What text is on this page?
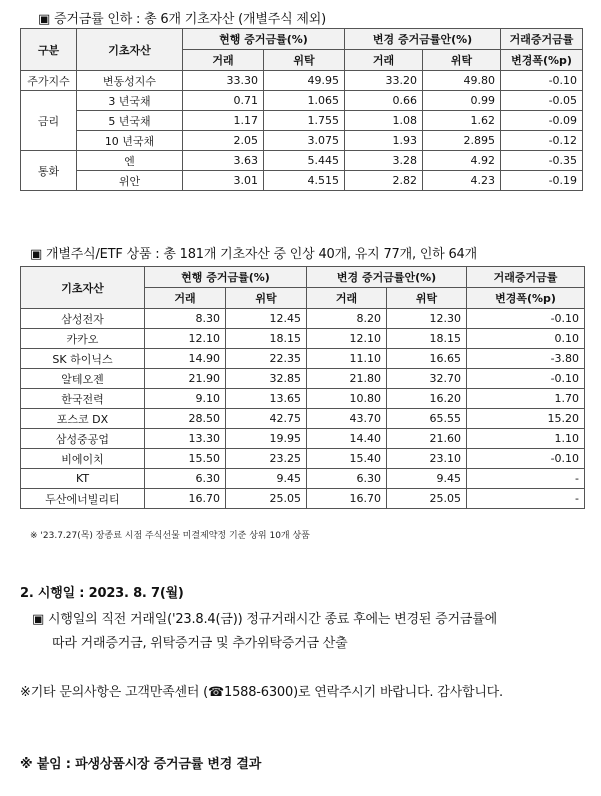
▣ 증거금률 인하 : 총 6개 기초자산 (개별주식 제외)
구분	기초자산	현행 증거금률(%)		변경 증거금률안(%)		거래증거금률
		거래	위탁	거래	위탁	변경폭(%p)
주가지수	변동성지수	33.30	49.95	33.20	49.80	-0.10
금리	3 년국채	0.71	1.065	0.66	0.99	-0.05
	5 년국채	1.17	1.755	1.08	1.62	-0.09
	10 년국채	2.05	3.075	1.93	2.895	-0.12
통화	엔	3.63	5.445	3.28	4.92	-0.35
	위안	3.01	4.515	2.82	4.23	-0.19
▣ 개별주식/ETF 상품 : 총 181개 기초자산 중 인상 40개, 유지 77개, 인하 64개
기초자산	현행 증거금률(%)		변경 증거금률안(%)		거래증거금률
	거래	위탁	거래	위탁	변경폭(%p)
삼성전자	8.30	12.45	8.20	12.30	-0.10
카카오	12.10	18.15	12.10	18.15	0.10
SK 하이닉스	14.90	22.35	11.10	16.65	-3.80
알테오젠	21.90	32.85	21.80	32.70	-0.10
한국전력	9.10	13.65	10.80	16.20	1.70
포스코 DX	28.50	42.75	43.70	65.55	15.20
삼성중공업	13.30	19.95	14.40	21.60	1.10
비에이치	15.50	23.25	15.40	23.10	-0.10
KT	6.30	9.45	6.30	9.45	-
두산에너빌리티	16.70	25.05	16.70	25.05	-
※ '23.7.27(목) 장종료 시점 주식선물 미결제약정 기준 상위 10개 상품
2. 시행일 : 2023. 8. 7(월)
▣ 시행일의 직전 거래일('23.8.4(금)) 정규거래시간 종료 후에는 변경된 증거금률에
따라 거래증거금, 위탁증거금 및 추가위탁증거금 산출
※기타 문의사항은 고객만족센터 (☎1588-6300)로 연락주시기 바랍니다. 감사합니다.
※ 붙임 : 파생상품시장 증거금률 변경 결과
